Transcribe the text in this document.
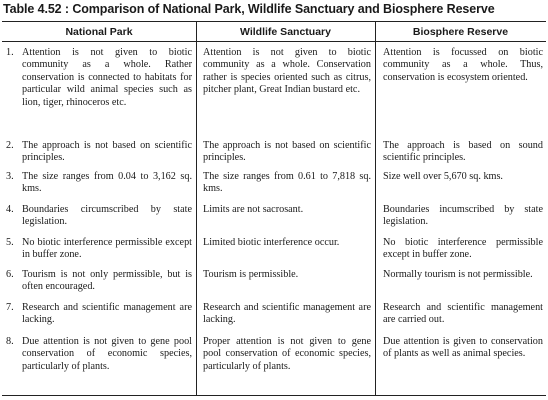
Table 4.52 : Comparison of National Park, Wildlife Sanctuary and Biosphere Reserve
National Park	Wildlife Sanctuary	Biosphere Reserve
1. Attention is not given to biotic community as a whole. Rather conservation is connected to habitats for particular wild animal species such as lion, tiger, rhinoceros etc.
Attention is not given to biotic community as a whole. Conservation rather is species oriented such as citrus, pitcher plant, Great Indian bustard etc.
Attention is focussed on biotic community as a whole. Thus, conservation is ecosystem oriented.
2. The approach is not based on scientific principles.
The approach is not based on scientific principles.
The approach is based on sound scientific principles.
3. The size ranges from 0.04 to 3,162 sq. kms.
The size ranges from 0.61 to 7,818 sq. kms.
Size well over 5,670 sq. kms.
4. Boundaries circumscribed by state legislation.
Limits are not sacrosant.	Boundaries incumscribed by state legislation.
5. No biotic interference permissible except in buffer zone.
Limited biotic interference occur.	No biotic interference permissible except in buffer zone.
6. Tourism is not only permissible, but is often encouraged.
Tourism is permissible.	Normally tourism is not permissible.
7. Research and scientific management are lacking.
Research and scientific management are lacking.
Research and scientific management are carried out.
8. Due attention is not given to gene pool conservation of economic species, particularly of plants.
Proper attention is not given to gene pool conservation of economic species, particularly of plants.
Due attention is given to conservation of plants as well as animal species.
